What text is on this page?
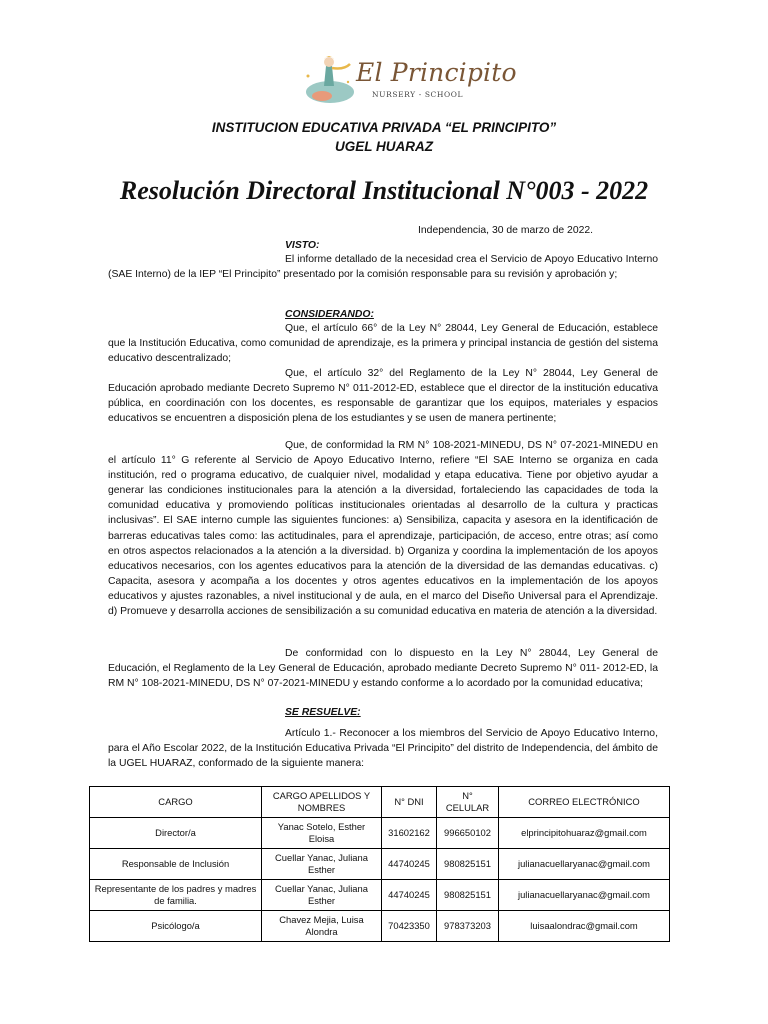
El Principito
NURSERY - SCHOOL
INSTITUCION EDUCATIVA PRIVADA “EL PRINCIPITO”
UGEL HUARAZ
Resolución Directoral Institucional N°003 - 2022
Independencia, 30 de marzo de 2022.
VISTO:
El informe detallado de la necesidad crea el Servicio de Apoyo Educativo Interno (SAE Interno) de la IEP “El Principito” presentado por la comisión responsable para su revisión y aprobación y;
CONSIDERANDO:
Que, el artículo 66° de la Ley N° 28044, Ley General de Educación, establece que la Institución Educativa, como comunidad de aprendizaje, es la primera y principal instancia de gestión del sistema educativo descentralizado;
Que, el artículo 32° del Reglamento de la Ley N° 28044, Ley General de Educación aprobado mediante Decreto Supremo N° 011-2012-ED, establece que el director de la institución educativa pública, en coordinación con los docentes, es responsable de garantizar que los equipos, materiales y espacios educativos se encuentren a disposición plena de los estudiantes y se usen de manera pertinente;
Que, de conformidad la RM N° 108-2021-MINEDU, DS N° 07-2021-MINEDU en el artículo 11° G referente al Servicio de Apoyo Educativo Interno, refiere “El SAE Interno se organiza en cada institución, red o programa educativo, de cualquier nivel, modalidad y etapa educativa. Tiene por objetivo ayudar a generar las condiciones institucionales para la atención a la diversidad, fortaleciendo las capacidades de toda la comunidad educativa y promoviendo políticas institucionales orientadas al desarrollo de la cultura y practicas inclusivas”. El SAE interno cumple las siguientes funciones: a) Sensibiliza, capacita y asesora en la identificación de barreras educativas tales como: las actitudinales, para el aprendizaje, participación, de acceso, entre otras; así como en otros aspectos relacionados a la atención a la diversidad. b) Organiza y coordina la implementación de los apoyos educativos necesarios, con los agentes educativos para la atención de la diversidad de las demandas educativas. c) Capacita, asesora y acompaña a los docentes y otros agentes educativos en la implementación de los apoyos educativos y ajustes razonables, a nivel institucional y de aula, en el marco del Diseño Universal para el Aprendizaje. d) Promueve y desarrolla acciones de sensibilización a su comunidad educativa en materia de atención a la diversidad.
De conformidad con lo dispuesto en la Ley N° 28044, Ley General de Educación, el Reglamento de la Ley General de Educación, aprobado mediante Decreto Supremo N° 011- 2012-ED, la RM N° 108-2021-MINEDU, DS N° 07-2021-MINEDU y estando conforme a lo acordado por la comunidad educativa;
SE RESUELVE:
Artículo 1.- Reconocer a los miembros del Servicio de Apoyo Educativo Interno, para el Año Escolar 2022, de la Institución Educativa Privada “El Principito” del distrito de Independencia, del ámbito de la UGEL HUARAZ, conformado de la siguiente manera:
CARGO	CARGO APELLIDOS Y NOMBRES	N° DNI	N° CELULAR	CORREO ELECTRÓNICO
Director/a	Yanac Sotelo, Esther Eloisa	31602162	996650102	elprincipitohuaraz@gmail.com
Responsable de Inclusión	Cuellar Yanac, Juliana Esther	44740245	980825151	julianacuellaryanac@gmail.com
Representante de los padres y madres de familia.	Cuellar Yanac, Juliana Esther	44740245	980825151	julianacuellaryanac@gmail.com
Psicólogo/a	Chavez Mejia, Luisa Alondra	70423350	978373203	luisaalondrac@gmail.com
